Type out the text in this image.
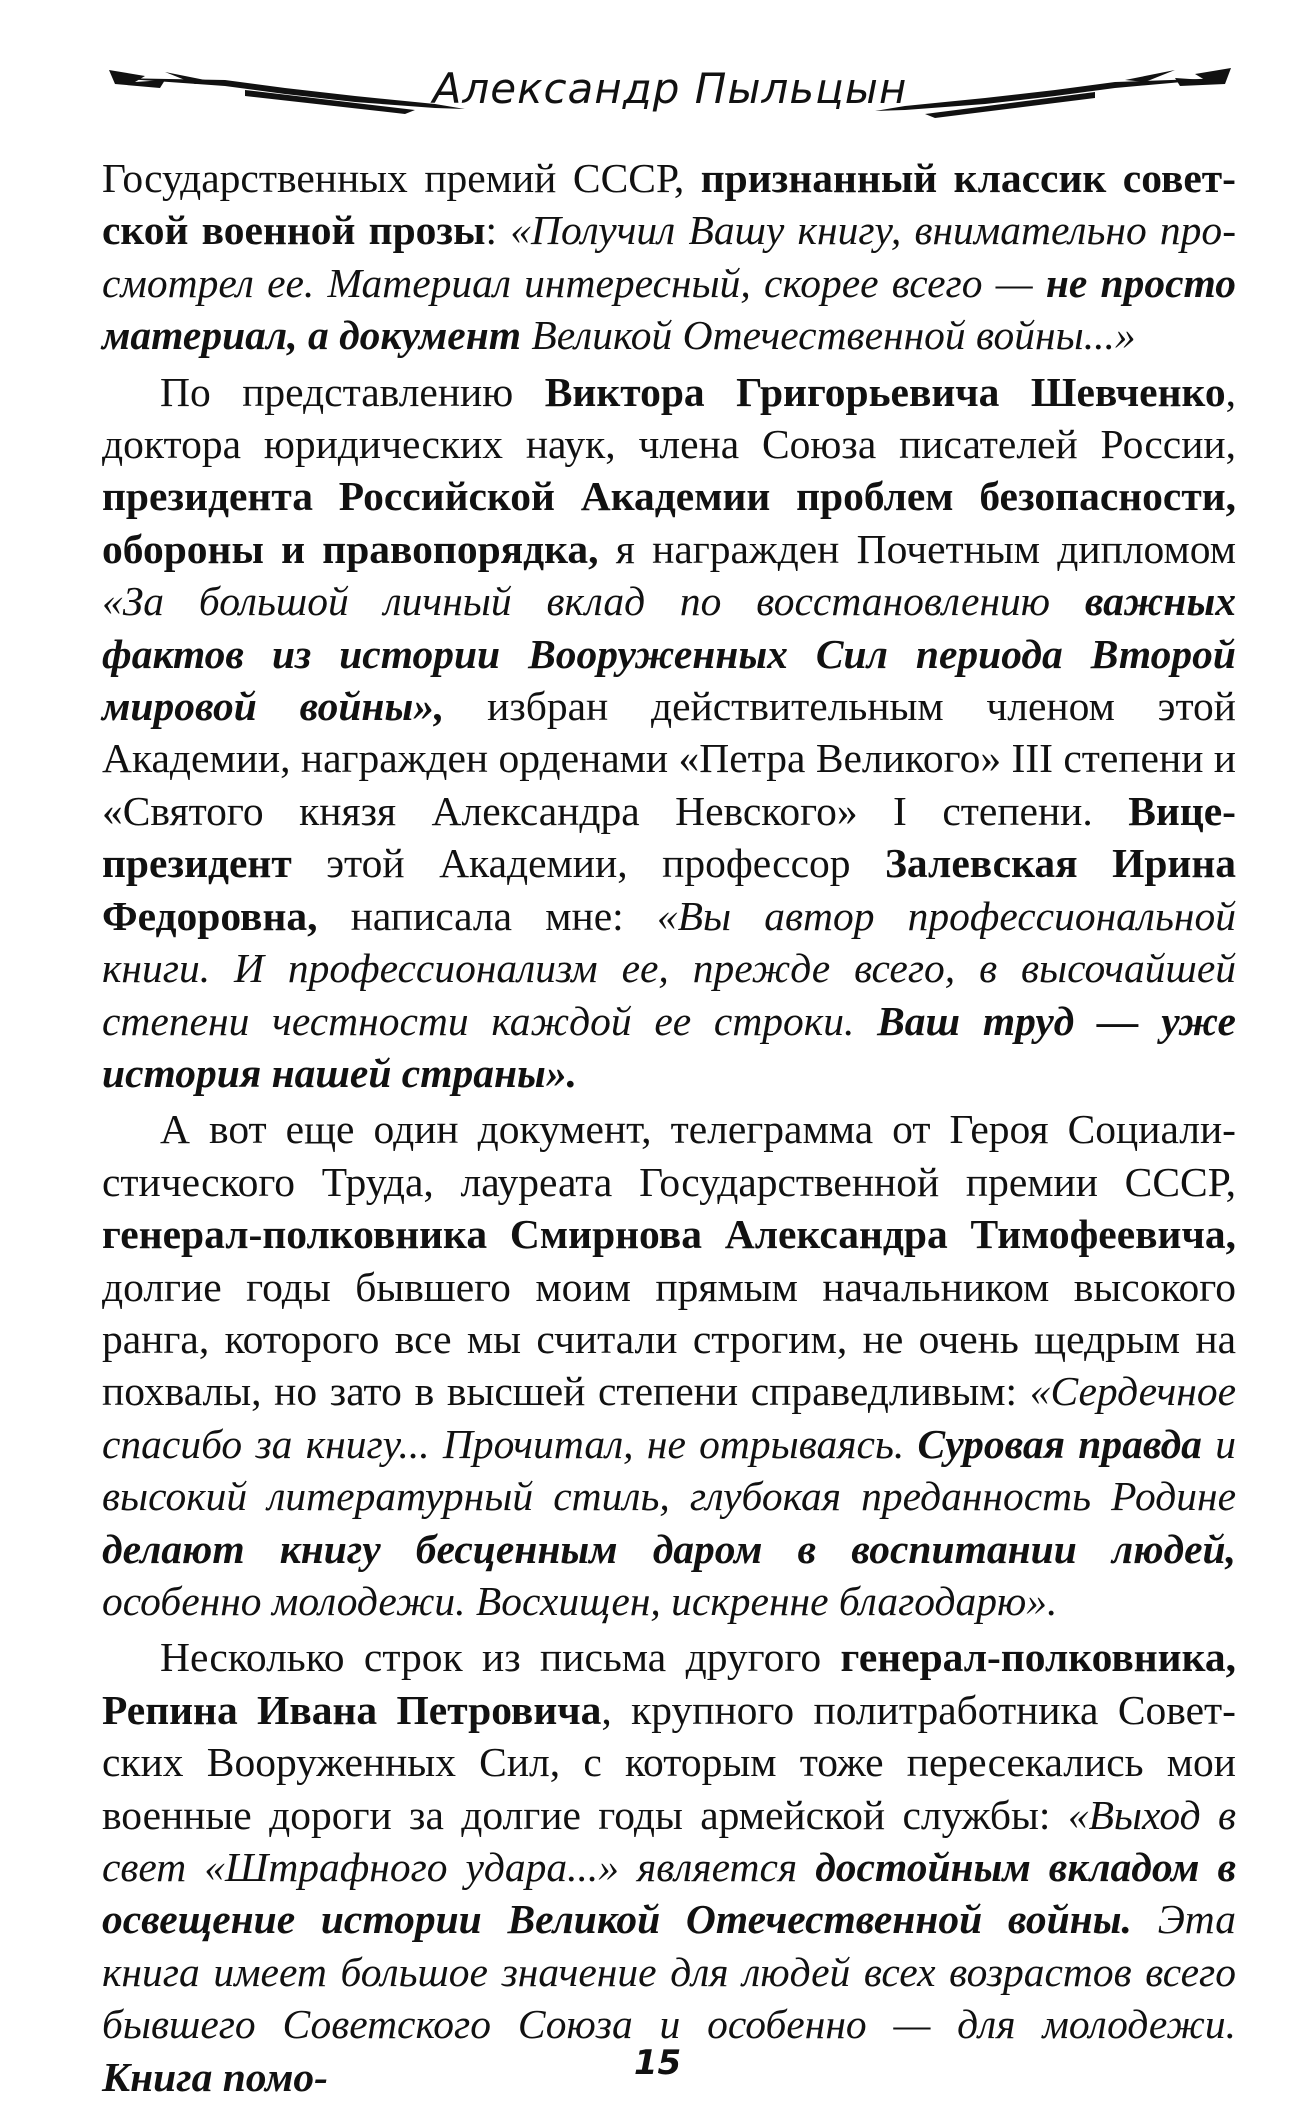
Александр Пыльцын

Государственных премий СССР, признанный классик советской военной прозы: «Получил Вашу книгу, внимательно просмотрел ее. Материал интересный, скорее всего — не просто материал, а документ Великой Отечественной войны...»

По представлению Виктора Григорьевича Шевченко, доктора юридических наук, члена Союза писателей России, президента Российской Академии проблем безопасности, обороны и правопорядка, я награжден Почетным дипломом «За большой личный вклад по восстановлению важных фактов из истории Вооруженных Сил периода Второй мировой войны», избран действительным членом этой Академии, награжден орденами «Петра Великого» III степени и «Святого князя Александра Невского» I степени. Вице-президент этой Академии, профессор Залевская Ирина Федоровна, написала мне: «Вы автор профессиональной книги. И профессионализм ее, прежде всего, в высочайшей степени честности каждой ее строки. Ваш труд — уже история нашей страны».

А вот еще один документ, телеграмма от Героя Социалистического Труда, лауреата Государственной премии СССР, генерал-полковника Смирнова Александра Тимофеевича, долгие годы бывшего моим прямым начальником высокого ранга, которого все мы считали строгим, не очень щедрым на похвалы, но зато в высшей степени справедливым: «Сердечное спасибо за книгу... Прочитал, не отрываясь. Суровая правда и высокий литературный стиль, глубокая преданность Родине делают книгу бесценным даром в воспитании людей, особенно молодежи. Восхищен, искренне благодарю».

Несколько строк из письма другого генерал-полковника, Репина Ивана Петровича, крупного политработника Советских Вооруженных Сил, с которым тоже пересекались мои военные дороги за долгие годы армейской службы: «Выход в свет «Штрафного удара...» является достойным вкладом в освещение истории Великой Отечественной войны. Эта книга имеет большое значение для людей всех возрастов всего бывшего Советского Союза и особенно — для молодежи. Книга помо-	15
